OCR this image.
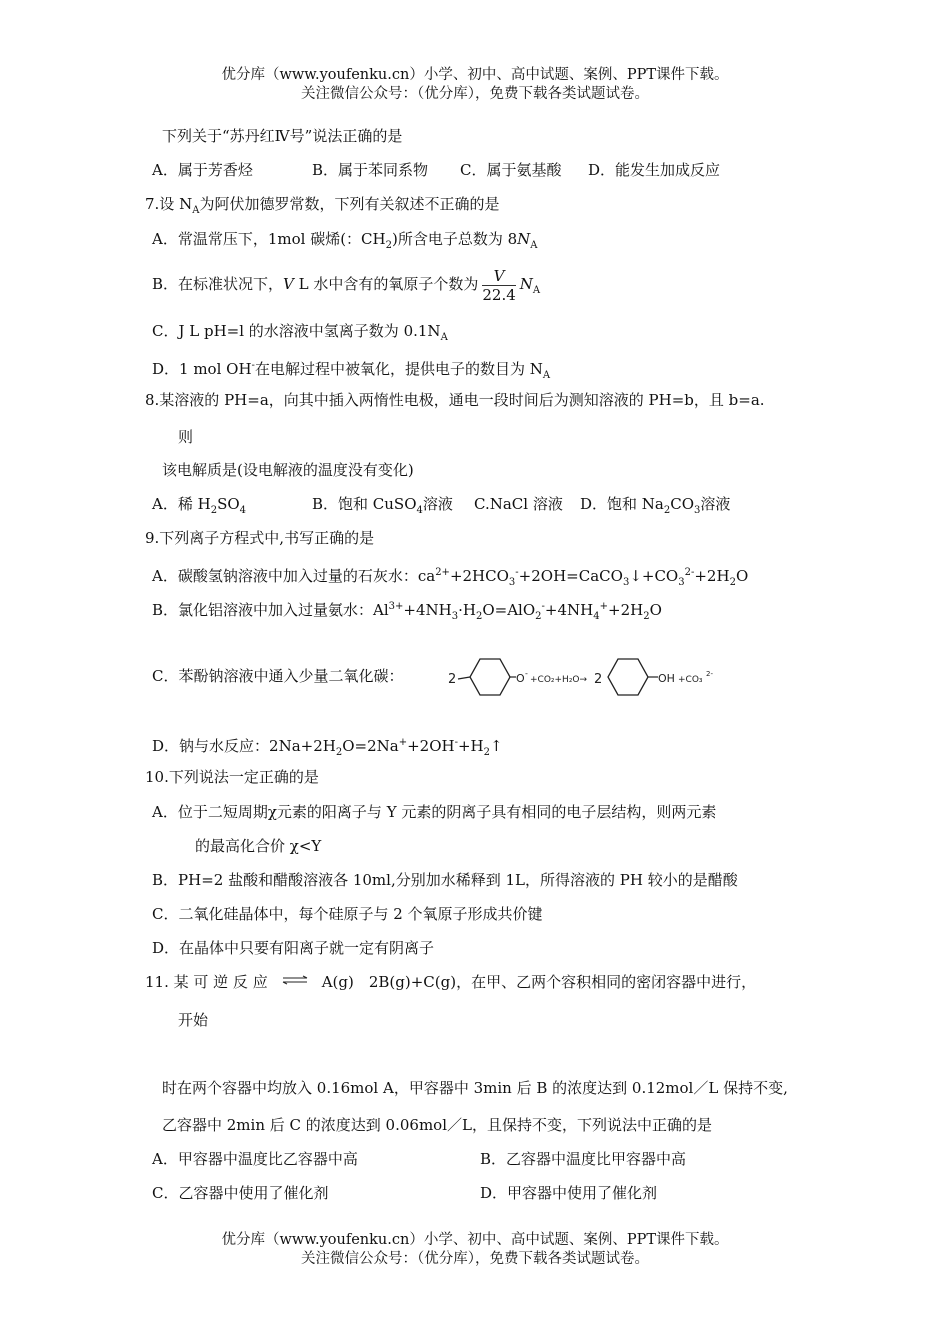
优分库（www.youfenku.cn）小学、初中、高中试题、案例、PPT课件下载。
关注微信公众号：（优分库），免费下载各类试题试卷。
下列关于“苏丹红Ⅳ号”说法正确的是
A．属于芳香烃	B．属于苯同系物 C．属于氨基酸 D．能发生加成反应
7.设 $N_A$为阿伏加德罗常数，下列有关叙述不正确的是
A．常温常压下，1mol 碳烯(：$CH_2$)所含电子总数为 $8N_A$
B．在标准状况下，V L 水中含有的氧原子个数为 $\frac{V}{22.4} N_A$
C．J L pH=l 的水溶液中氢离子数为 $0.1N_A$
D．1 mol OH-在电解过程中被氧化，提供电子的数目为 $N_A$
8.某溶液的 PH=a，向其中插入两惰性电极，通电一段时间后为测知溶液的 PH=b，且 b=a.
则
该电解质是(设电解液的温度没有变化)
A．稀 $H_2SO_4$	B．饱和 CuSO$_4$溶液 C.NaCl 溶液 D．饱和 $Na_2CO_3$溶液
9.下列离子方程式中,书写正确的是
A．碳酸氢钠溶液中加入过量的石灰水：$ca^{2+}+2HCO_3^-+2OH=CaCO_3↓+CO_3^{2-}+2H_2O$
B．氯化铝溶液中加入过量氨水：$Al^{3+}+4NH_3\cdot H_2O=AlO_2^-+4NH_4^++2H_2O$
C．苯酚钠溶液中通入少量二氧化碳：	2	O -
+CO₂+H₂O→ 2	OH +CO₃
2-
D．钠与水反应：$2Na+2H_2O=2Na^++2OH^-+H_2↑$
10.下列说法一定正确的是
A．位于二短周期χ元素的阳离子与 Y 元素的阴离子具有相同的电子层结构，则两元素
的最高化合价 χ<Y
B．PH=2 盐酸和醋酸溶液各 10ml,分别加水稀释到 1L，所得溶液的 PH 较小的是醋酸
C．二氧化硅晶体中，每个硅原子与 2 个氧原子形成共价键
D．在晶体中只要有阳离子就一定有阴离子
11. 某 可 逆 反 应 ⇌ A(g)　2B(g)+C(g)，在甲、乙两个容积相同的密闭容器中进行，
开始
时在两个容器中均放入 0.16mol A，甲容器中 3min 后 B 的浓度达到 0.12mol／L 保持不变,
乙容器中 2min 后 C 的浓度达到 0.06mol／L，且保持不变，下列说法中正确的是
A．甲容器中温度比乙容器中高	B．乙容器中温度比甲容器中高
C．乙容器中使用了催化剂	D．甲容器中使用了催化剂
优分库（www.youfenku.cn）小学、初中、高中试题、案例、PPT课件下载。
关注微信公众号：（优分库），免费下载各类试题试卷。
